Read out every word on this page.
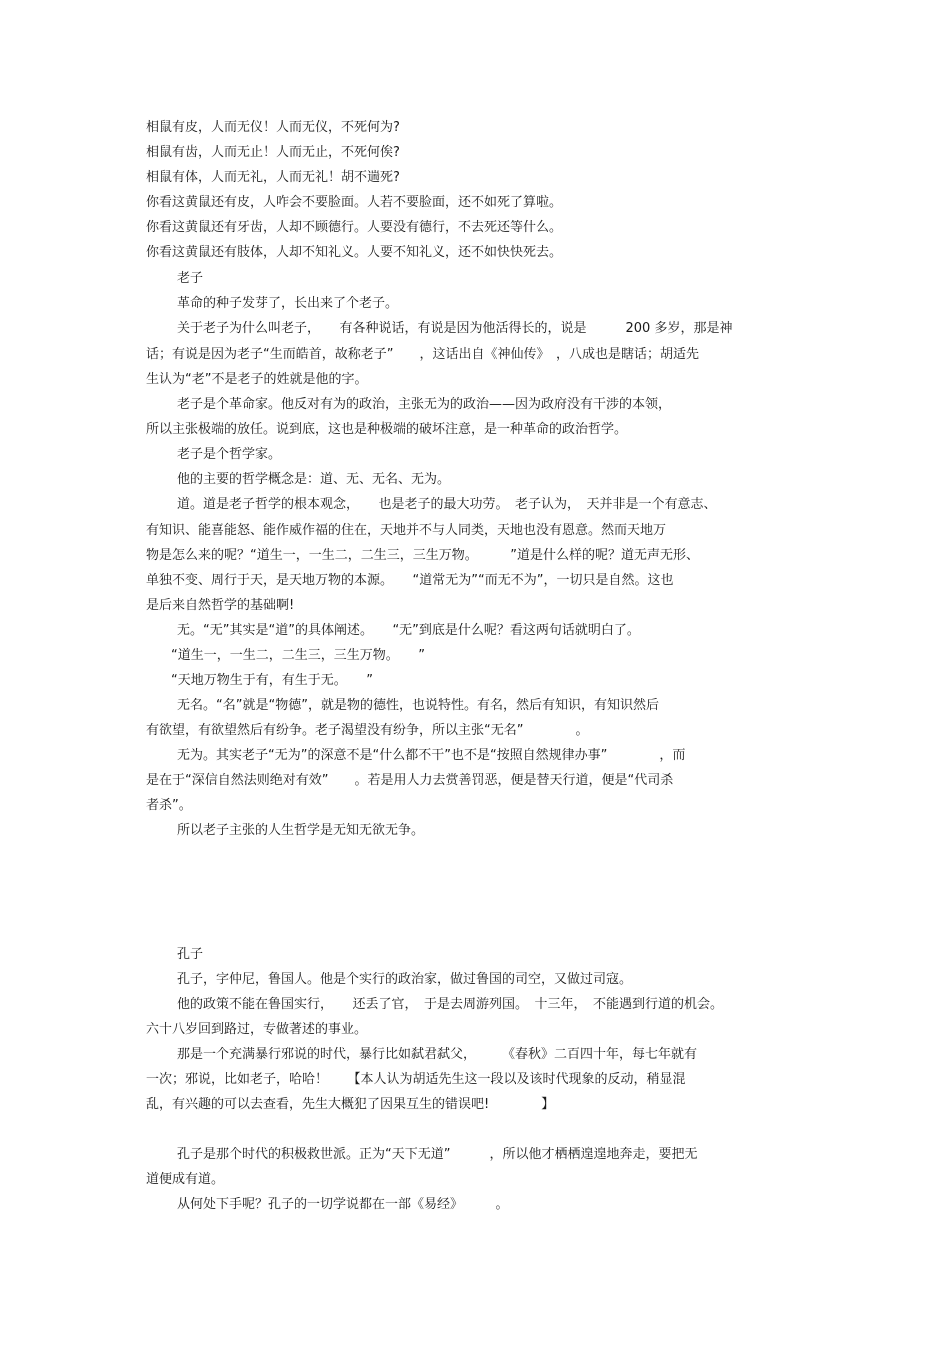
相鼠有皮，人而无仪！人而无仪，不死何为?
相鼠有齿，人而无止！人而无止，不死何俟?
相鼠有体，人而无礼，人而无礼！胡不遄死?
你看这黄鼠还有皮，人咋会不要脸面。人若不要脸面，还不如死了算啦。
你看这黄鼠还有牙齿，人却不顾德行。人要没有德行，不去死还等什么。
你看这黄鼠还有肢体，人却不知礼义。人要不知礼义，还不如快快死去。
老子
革命的种子发芽了，长出来了个老子。
关于老子为什么叫老子，　　有各种说话，有说是因为他活得长的，说是　　　200 多岁，那是神
话；有说是因为老子“生而皓首，故称老子”　　，这话出自《神仙传》　，八成也是瞎话；胡适先
生认为“老”不是老子的姓就是他的字。
老子是个革命家。他反对有为的政治，主张无为的政治——因为政府没有干涉的本领，
所以主张极端的放任。说到底，这也是种极端的破坏注意，是一种革命的政治哲学。
老子是个哲学家。
他的主要的哲学概念是：道、无、无名、无为。
道。道是老子哲学的根本观念，　　也是老子的最大功劳。　老子认为，　天并非是一个有意志、
有知识、能喜能怒、能作威作福的住在，天地并不与人同类，天地也没有恩意。然而天地万
物是怎么来的呢？“道生一，一生二，二生三，三生万物。　　　”道是什么样的呢？道无声无形、
单独不变、周行于天，是天地万物的本源。　　“道常无为”“而无不为”，一切只是自然。这也
是后来自然哲学的基础啊!
无。“无”其实是“道”的具体阐述。　　“无”到底是什么呢？看这两句话就明白了。
“道生一，一生二，二生三，三生万物。　　”
“天地万物生于有，有生于无。　　”
无名。“名”就是“物德”，就是物的德性，也说特性。有名，然后有知识，有知识然后
有欲望，有欲望然后有纷争。老子渴望没有纷争，所以主张“无名”　　　　。
无为。其实老子“无为”的深意不是“什么都不干”也不是“按照自然规律办事”　　　　，而
是在于“深信自然法则绝对有效”　　。若是用人力去赏善罚恶，便是替天行道，便是“代司杀
者杀”。
所以老子主张的人生哲学是无知无欲无争。
孔子
孔子，字仲尼，鲁国人。他是个实行的政治家，做过鲁国的司空，又做过司寇。
他的政策不能在鲁国实行，　　还丢了官，　于是去周游列国。　十三年，　不能遇到行道的机会。
六十八岁回到路过，专做著述的事业。
那是一个充满暴行邪说的时代，暴行比如弑君弑父，　　　《春秋》二百四十年，每七年就有
一次；邪说，比如老子，哈哈！　　【本人认为胡适先生这一段以及该时代现象的反动，稍显混
乱，有兴趣的可以去查看，先生大概犯了因果互生的错误吧!　　　　】
孔子是那个时代的积极救世派。正为“天下无道”　　　，所以他才栖栖遑遑地奔走，要把无
道便成有道。
从何处下手呢？孔子的一切学说都在一部《易经》　　　。
